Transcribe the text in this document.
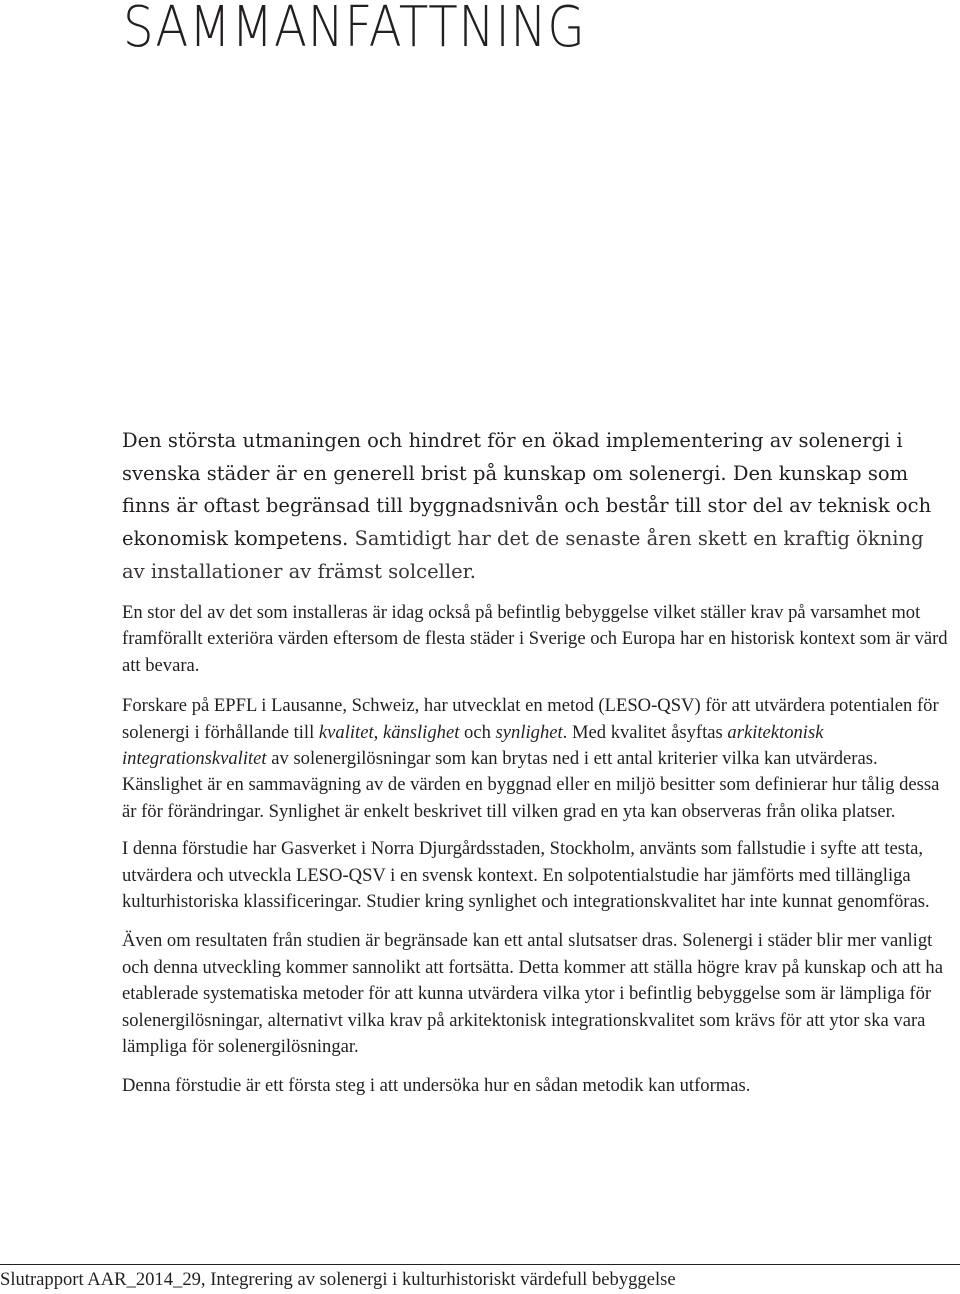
SAMMANFATTNING

Den största utmaningen och hindret för en ökad implementering av solenergi i svenska städer är en generell brist på kunskap om solenergi. Den kunskap som finns är oftast begränsad till byggnadsnivån och består till stor del av teknisk och ekonomisk kompetens. Samtidigt har det de senaste åren skett en kraftig ökning av installationer av främst solceller.

En stor del av det som installeras är idag också på befintlig bebyggelse vilket ställer krav på varsamhet mot framförallt exteriöra värden eftersom de flesta städer i Sverige och Europa har en historisk kontext som är värd att bevara.

Forskare på EPFL i Lausanne, Schweiz, har utvecklat en metod (LESO-QSV) för att utvärdera potentialen för solenergi i förhållande till kvalitet, känslighet och synlighet. Med kvalitet åsyftas arkitektonisk integrationskvalitet av solenergilösningar som kan brytas ned i ett antal kriterier vilka kan utvärderas. Känslighet är en sammavägning av de värden en byggnad eller en miljö besitter som definierar hur tålig dessa är för förändringar. Synlighet är enkelt beskrivet till vilken grad en yta kan observeras från olika platser.

I denna förstudie har Gasverket i Norra Djurgårdsstaden, Stockholm, använts som fallstudie i syfte att testa, utvärdera och utveckla LESO-QSV i en svensk kontext. En solpotentialstudie har jämförts med tillängliga kulturhistoriska klassificeringar. Studier kring synlighet och integrationskvalitet har inte kunnat genomföras.

Även om resultaten från studien är begränsade kan ett antal slutsatser dras. Solenergi i städer blir mer vanligt och denna utveckling kommer sannolikt att fortsätta. Detta kommer att ställa högre krav på kunskap och att ha etablerade systematiska metoder för att kunna utvärdera vilka ytor i befintlig bebyggelse som är lämpliga för solenergilösningar, alternativt vilka krav på arkitektonisk integrationskvalitet som krävs för att ytor ska vara lämpliga för solenergilösningar.

Denna förstudie är ett första steg i att undersöka hur en sådan metodik kan utformas.

Slutrapport AAR_2014_29, Integrering av solenergi i kulturhistoriskt värdefull bebyggelse
